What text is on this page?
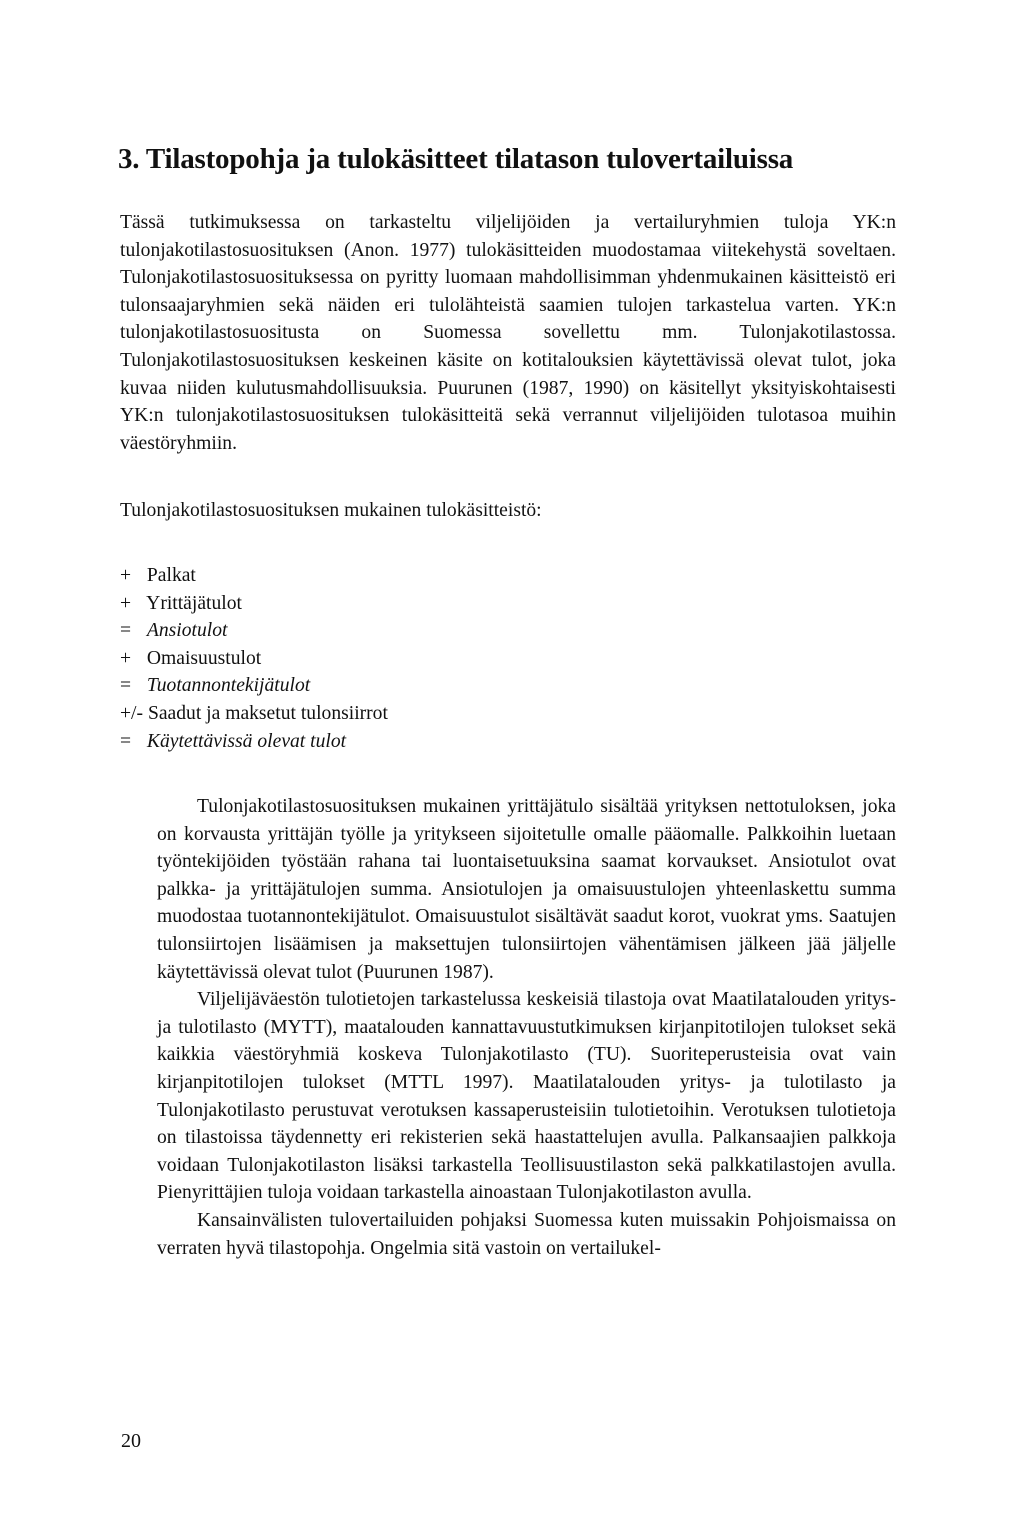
3. Tilastopohja ja tulokäsitteet tilatason tulovertailuissa

Tässä tutkimuksessa on tarkasteltu viljelijöiden ja vertailuryhmien tuloja YK:n tulonjakotilastosuosituksen (Anon. 1977) tulokäsitteiden muodostamaa viitekehystä soveltaen. Tulonjakotilastosuosituksessa on pyritty luomaan mahdollisimman yhdenmukainen käsitteistö eri tulonsaajaryhmien sekä näiden eri tulolähteistä saamien tulojen tarkastelua varten. YK:n tulonjakotilastosuositusta on Suomessa sovellettu mm. Tulonjakotilastossa. Tulonjakotilastosuosituksen keskeinen käsite on kotitalouksien käytettävissä olevat tulot, joka kuvaa niiden kulutusmahdollisuuksia. Puurunen (1987, 1990) on käsitellyt yksityiskohtaisesti YK:n tulonjakotilastosuosituksen tulokäsitteitä sekä verrannut viljelijöiden tulotasoa muihin väestöryhmiin.

Tulonjakotilastosuosituksen mukainen tulokäsitteistö:
+ Palkat
+ Yrittäjätulot
= Ansiotulot
+ Omaisuustulot
= Tuotannontekijätulot
+/- Saadut ja maksetut tulonsiirrot
= Käytettävissä olevat tulot

Tulonjakotilastosuosituksen mukainen yrittäjätulo sisältää yrityksen nettotuloksen, joka on korvausta yrittäjän työlle ja yritykseen sijoitetulle omalle pääomalle. Palkkoihin luetaan työntekijöiden työstään rahana tai luontaisetuuksina saamat korvaukset. Ansiotulot ovat palkka- ja yrittäjätulojen summa. Ansiotulojen ja omaisuustulojen yhteenlaskettu summa muodostaa tuotannontekijätulot. Omaisuustulot sisältävät saadut korot, vuokrat yms. Saatujen tulonsiirtojen lisäämisen ja maksettujen tulonsiirtojen vähentämisen jälkeen jää jäljelle käytettävissä olevat tulot (Puurunen 1987).

Viljelijäväestön tulotietojen tarkastelussa keskeisiä tilastoja ovat Maatilatalouden yritys- ja tulotilasto (MYTT), maatalouden kannattavuustutkimuksen kirjanpitotilojen tulokset sekä kaikkia väestöryhmiä koskeva Tulonjakotilasto (TU). Suoriteperusteisia ovat vain kirjanpitotilojen tulokset (MTTL 1997). Maatilatalouden yritys- ja tulotilasto ja Tulonjakotilasto perustuvat verotuksen kassaperusteisiin tulotietoihin. Verotuksen tulotietoja on tilastoissa täydennetty eri rekisterien sekä haastattelujen avulla. Palkansaajien palkkoja voidaan Tulonjakotilaston lisäksi tarkastella Teollisuustilaston sekä palkkatilastojen avulla. Pienyrittäjien tuloja voidaan tarkastella ainoastaan Tulonjakotilaston avulla.

Kansainvälisten tulovertailuiden pohjaksi Suomessa kuten muissakin Pohjoismaissa on verraten hyvä tilastopohja. Ongelmia sitä vastoin on vertailukel-

20
